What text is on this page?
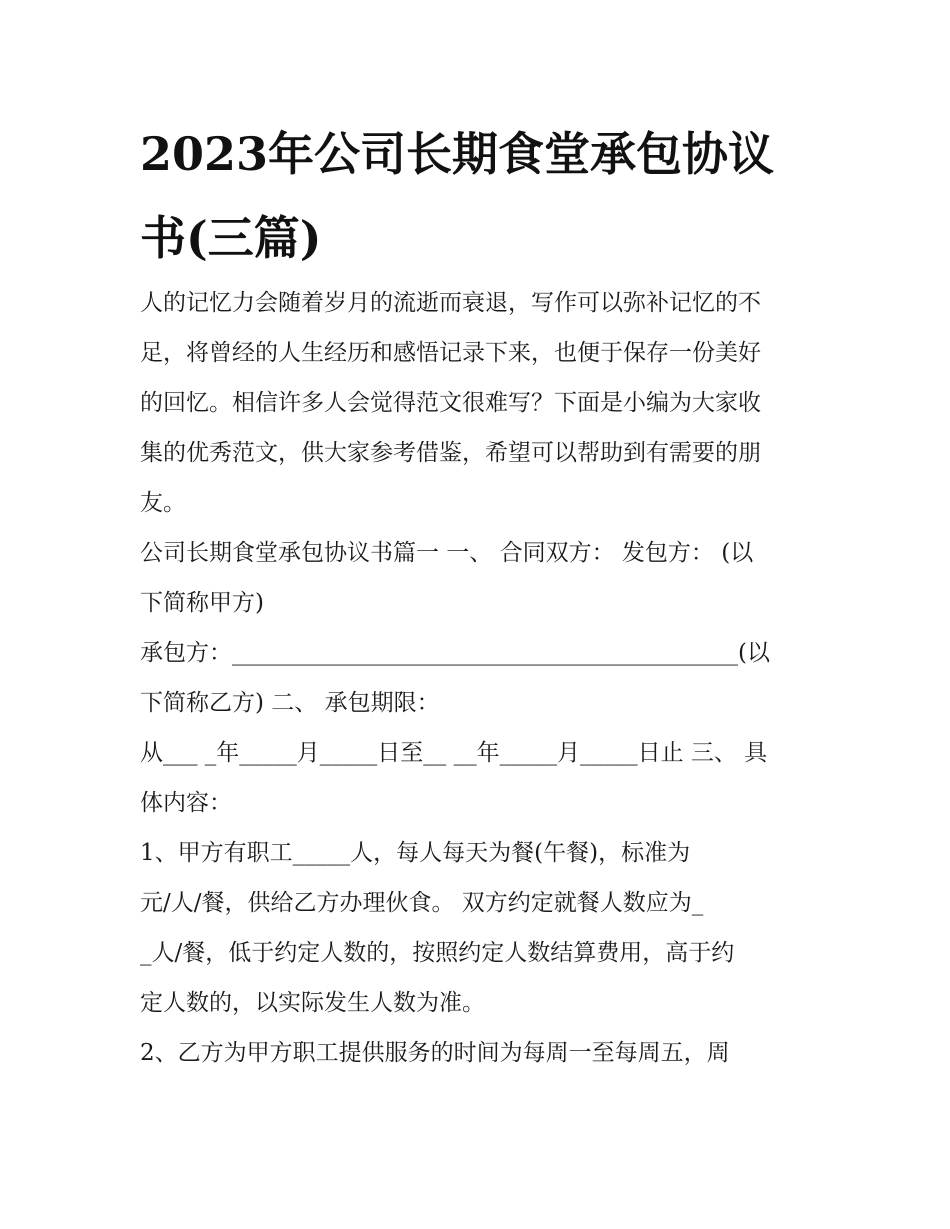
2023年公司长期食堂承包协议
书(三篇)

人的记忆力会随着岁月的流逝而衰退，写作可以弥补记忆的不
足，将曾经的人生经历和感悟记录下来，也便于保存一份美好
的回忆。相信许多人会觉得范文很难写？下面是小编为大家收
集的优秀范文，供大家参考借鉴，希望可以帮助到有需要的朋
友。

公司长期食堂承包协议书篇一 一、 合同双方： 发包方： (以
下简称甲方)

承包方：____________________________________________(以
下简称乙方) 二、 承包期限：

从___ _年_____月_____日至__ __年_____月_____日止 三、 具
体内容：

1、甲方有职工_____人，每人每天为餐(午餐)，标准为
元/人/餐，供给乙方办理伙食。 双方约定就餐人数应为_
_人/餐，低于约定人数的，按照约定人数结算费用，高于约
定人数的，以实际发生人数为准。

2、乙方为甲方职工提供服务的时间为每周一至每周五，周
